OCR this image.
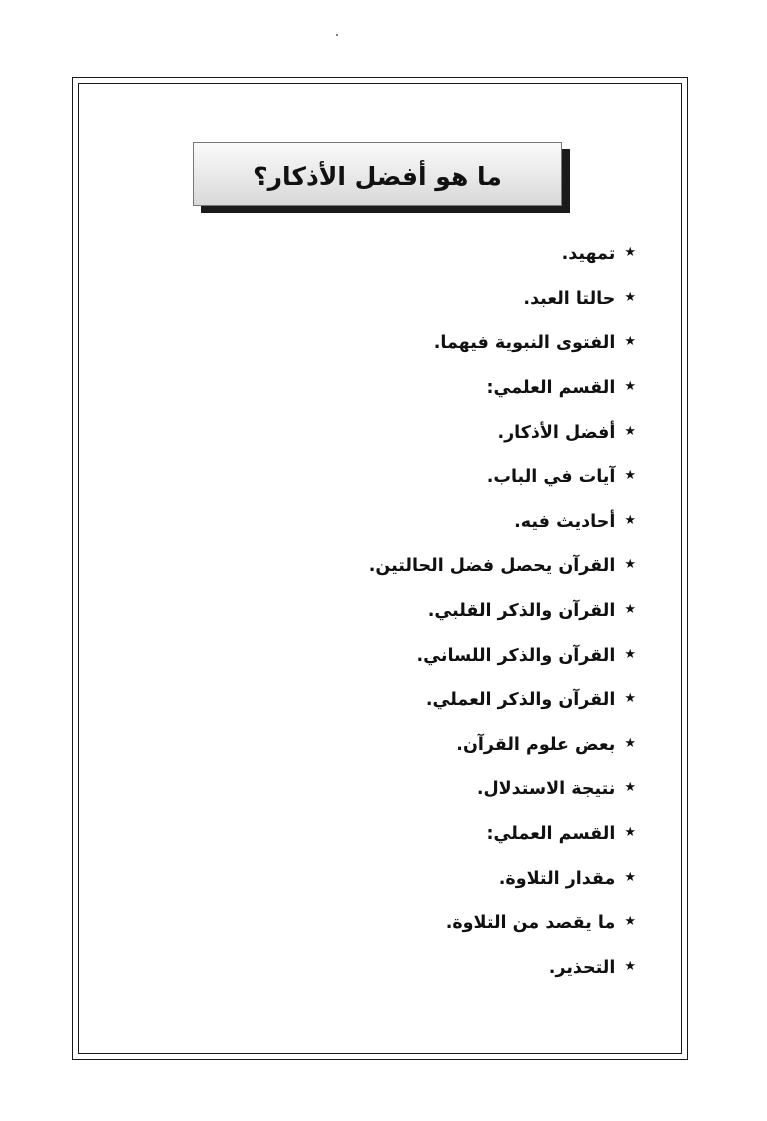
ما هو أفضل الأذكار؟
★
تمهيد.
★
حالتا العبد.
★
الفتوى النبوية فيهما.
★
القسم العلمي:
★
أفضل الأذكار.
★
آيات في الباب.
★
أحاديث فيه.
★
القرآن يحصل فضل الحالتين.
★
القرآن والذكر القلبي.
★
القرآن والذكر اللساني.
★
القرآن والذكر العملي.
★
بعض علوم القرآن.
★
نتيجة الاستدلال.
★
القسم العملي:
★
مقدار التلاوة.
★
ما يقصد من التلاوة.
★
التحذير.
